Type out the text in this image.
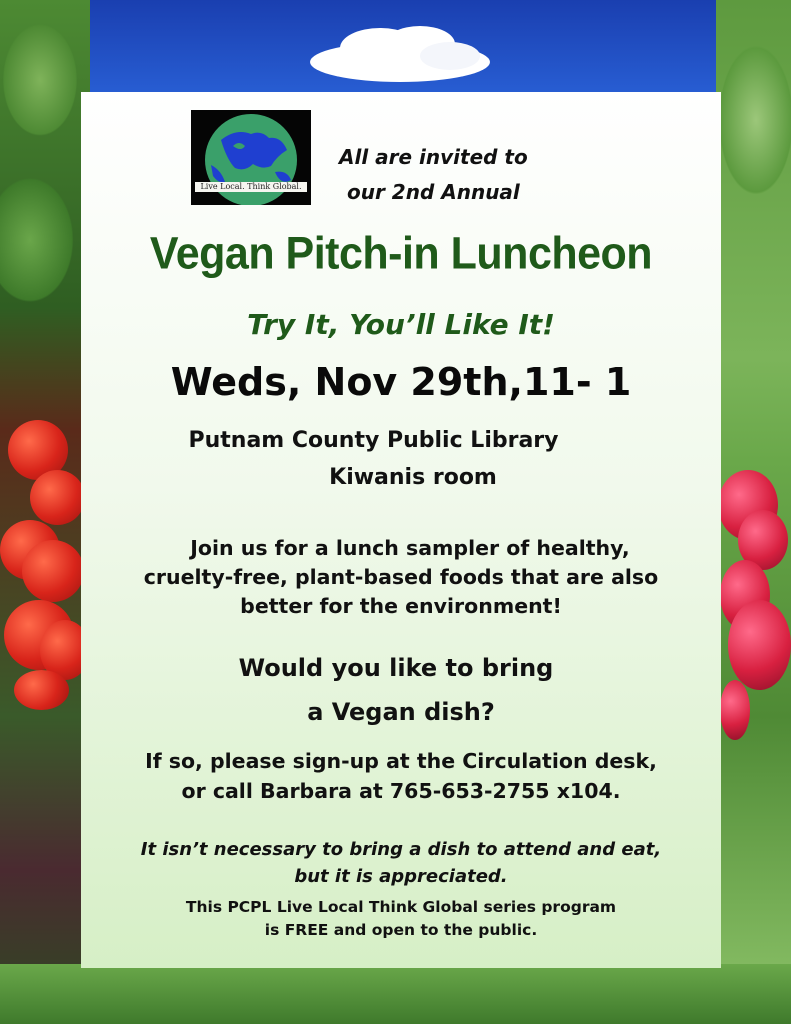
Live Local. Think Global.
All are invited to
our 2nd Annual
Vegan Pitch-in Luncheon
Try It, You’ll Like It!
Weds, Nov 29th,11- 1
Putnam County Public Library
Kiwanis room
Join us for a lunch sampler of healthy,
cruelty-free, plant-based foods that are also
better for the environment!
Would you like to bring
a Vegan dish?
If so, please sign-up at the Circulation desk,
or call Barbara at 765-653-2755 x104.
It isn’t necessary to bring a dish to attend and eat,
but it is appreciated.
This PCPL Live Local Think Global series program
is FREE and open to the public.
